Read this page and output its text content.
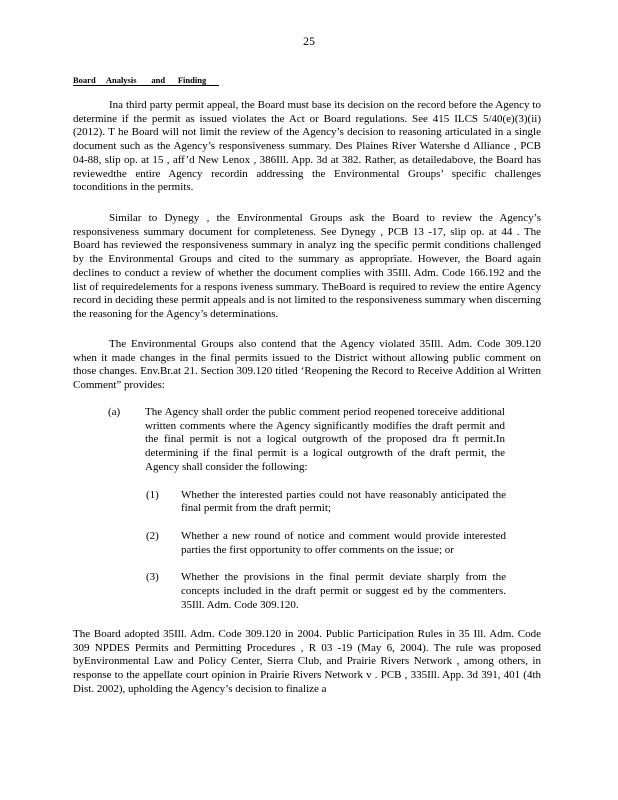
25
Board     Analysis       and      Finding

Ina third party permit appeal, the Board must base its decision on the record before the Agency to determine if the permit as issued violates the Act or Board regulations. See 415 ILCS 5/40(e)(3)(ii) (2012). T he Board will not limit the review of the Agency’s decision to reasoning articulated in a single document such as the Agency’s responsiveness summary. Des Plaines River Watershe d Alliance , PCB 04-88, slip op. at 15 , aff’d New Lenox , 386Ill. App. 3d at 382. Rather, as detailedabove, the Board has reviewedthe entire Agency recordin addressing the Environmental Groups’ specific challenges toconditions in the permits.

Similar to Dynegy , the Environmental Groups ask the Board to review the Agency’s responsiveness summary document for completeness. See Dynegy , PCB 13 -17, slip op. at 44 . The Board has reviewed the responsiveness summary in analyz ing the specific permit conditions challenged by the Environmental Groups and cited to the summary as appropriate. However, the Board again declines to conduct a review of whether the document complies with 35Ill. Adm. Code 166.192 and the list of requiredelements for a respons iveness summary. TheBoard is required to review the entire Agency record in deciding these permit appeals and is not limited to the responsiveness summary when discerning the reasoning for the Agency’s determinations.

The Environmental Groups also contend that the Agency violated 35Ill. Adm. Code 309.120 when it made changes in the final permits issued to the District without allowing public comment on those changes. Env.Br.at 21. Section 309.120 titled ‘Reopening the Record to Receive Addition al Written Comment” provides:

(a) The Agency shall order the public comment period reopened toreceive additional written comments where the Agency significantly modifies the draft permit and the final permit is not a logical outgrowth of the proposed dra ft permit.In determining if the final permit is a logical outgrowth of the draft permit, the Agency shall consider the following:
(1) Whether the interested parties could not have reasonably anticipated the final permit from the draft permit;
(2) Whether a new round of notice and comment would provide interested parties the first opportunity to offer comments on the issue; or
(3) Whether the provisions in the final permit deviate sharply from the concepts included in the draft permit or suggest ed by the commenters. 35Ill. Adm. Code 309.120.

The Board adopted 35Ill. Adm. Code 309.120 in 2004. Public Participation Rules in 35 Ill. Adm. Code 309 NPDES Permits and Permitting Procedures , R 03 -19 (May 6, 2004). The rule was proposed byEnvironmental Law and Policy Center, Sierra Club, and Prairie Rivers Network , among others, in response to the appellate court opinion in Prairie Rivers Network v . PCB , 335Ill. App. 3d 391, 401 (4th Dist. 2002), upholding the Agency’s decision to finalize a
